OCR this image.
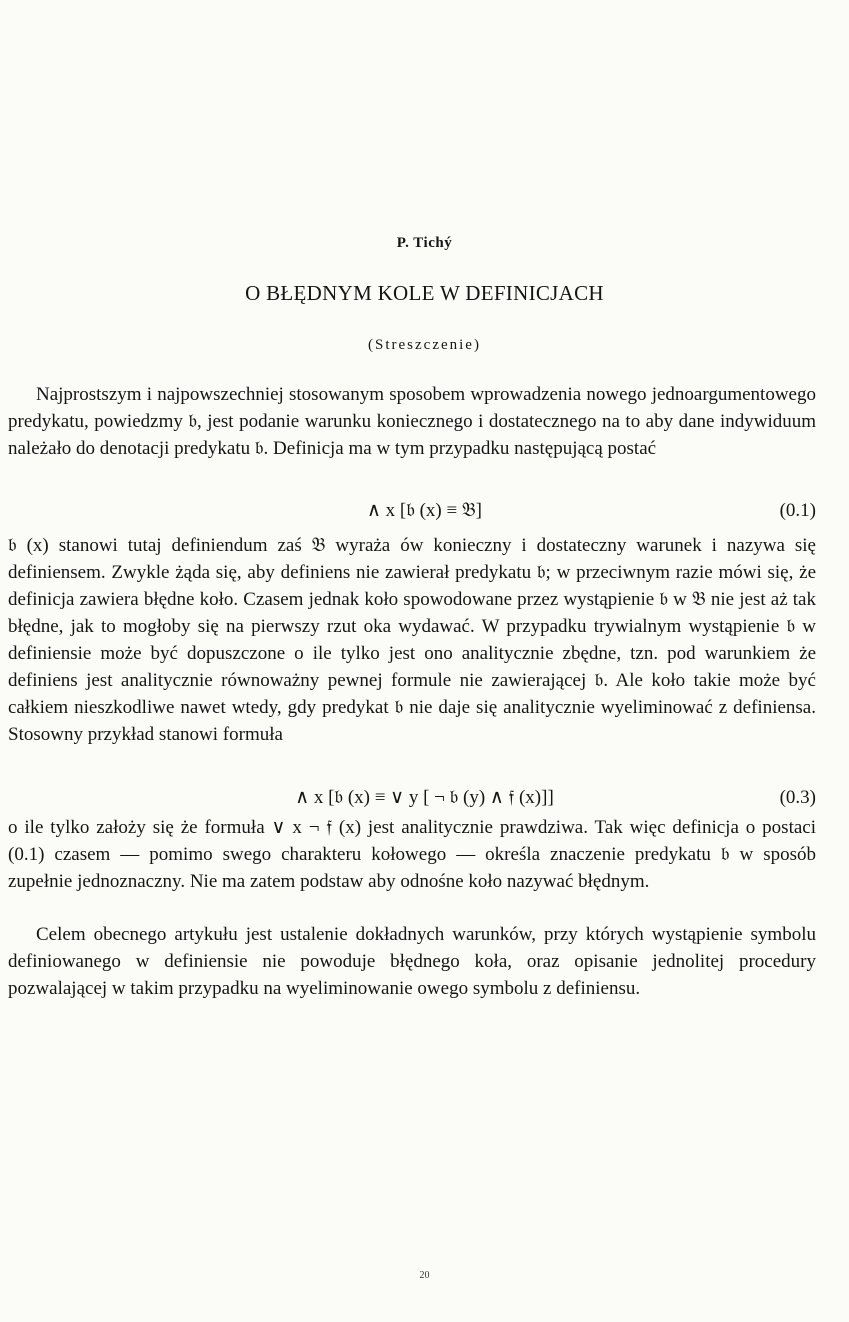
P. Tichý
O BŁĘDNYM KOLE W DEFINICJACH
(Streszczenie)
Najprostszym i najpowszechniej stosowanym sposobem wprowadzenia nowego jednoargumentowego predykatu, powiedzmy 𝔟, jest podanie warunku koniecznego i dostatecznego na to aby dane indywiduum należało do denotacji predykatu 𝔟. Definicja ma w tym przypadku następującą postać
∧ x [𝔟 (x) ≡ 𝔅]	(0.1)
𝔟 (x) stanowi tutaj definiendum zaś 𝔅 wyraża ów konieczny i dostateczny warunek i nazywa się definiensem. Zwykle żąda się, aby definiens nie zawierał predykatu 𝔟; w przeciwnym razie mówi się, że definicja zawiera błędne koło. Czasem jednak koło spowodowane przez wystąpienie 𝔟 w 𝔅 nie jest aż tak błędne, jak to mogłoby się na pierwszy rzut oka wydawać. W przypadku trywialnym wystąpienie 𝔟 w definiensie może być dopuszczone o ile tylko jest ono analitycznie zbędne, tzn. pod warunkiem że definiens jest analitycznie równoważny pewnej formule nie zawierającej 𝔟. Ale koło takie może być całkiem nieszkodliwe nawet wtedy, gdy predykat 𝔟 nie daje się analitycznie wyeliminować z definiensa. Stosowny przykład stanowi formuła
∧ x [𝔟 (x) ≡ ∨ y [ ¬ 𝔟 (y) ∧ 𝔣 (x)]]	(0.3)
o ile tylko założy się że formuła ∨ x ¬ 𝔣 (x) jest analitycznie prawdziwa. Tak więc definicja o postaci (0.1) czasem — pomimo swego charakteru kołowego — określa znaczenie predykatu 𝔟 w sposób zupełnie jednoznaczny. Nie ma zatem podstaw aby odnośne koło nazywać błędnym.
Celem obecnego artykułu jest ustalenie dokładnych warunków, przy których wystąpienie symbolu definiowanego w definiensie nie powoduje błędnego koła, oraz opisanie jednolitej procedury pozwalającej w takim przypadku na wyeliminowanie owego symbolu z definiensu.
20
